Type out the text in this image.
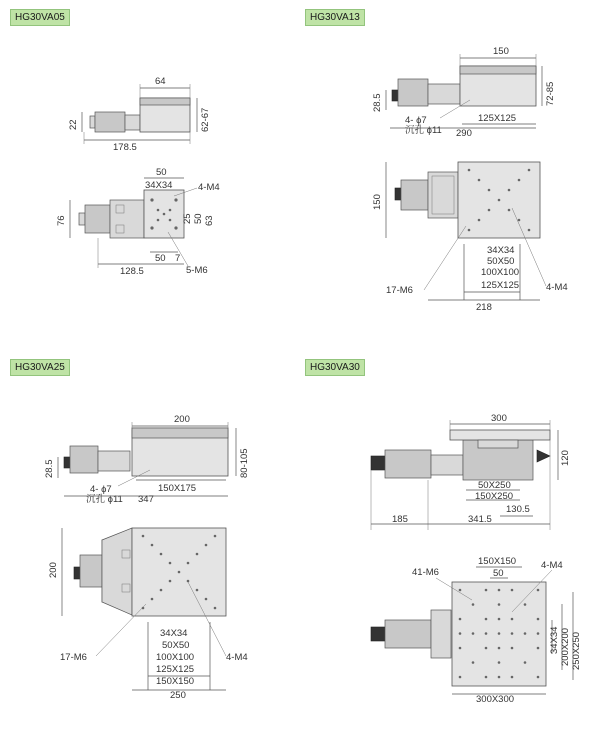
HG30VA05	HG30VA13
HG30VA25	HG30VA30
64
22	62-67
178.5
50
34X34	4-M4
76	25 50 63
50 7
128.5	5-M6
150
72-85
28.5
4- ϕ7
沉孔 ϕ11
125X125
290
150
34X34
50X50
100X100
125X125
218
17-M6	4-M4
200
80-105
28.5
4- ϕ7
沉孔 ϕ11
150X175
347
200
34X34
50X50
100X100
125X125
150X150
250
17-M6	4-M4
300
120
50X250
150X250
130.5
185	341.5
150X150
50
41-M6
4-M4
34X34 200X200 250X250
300X300
